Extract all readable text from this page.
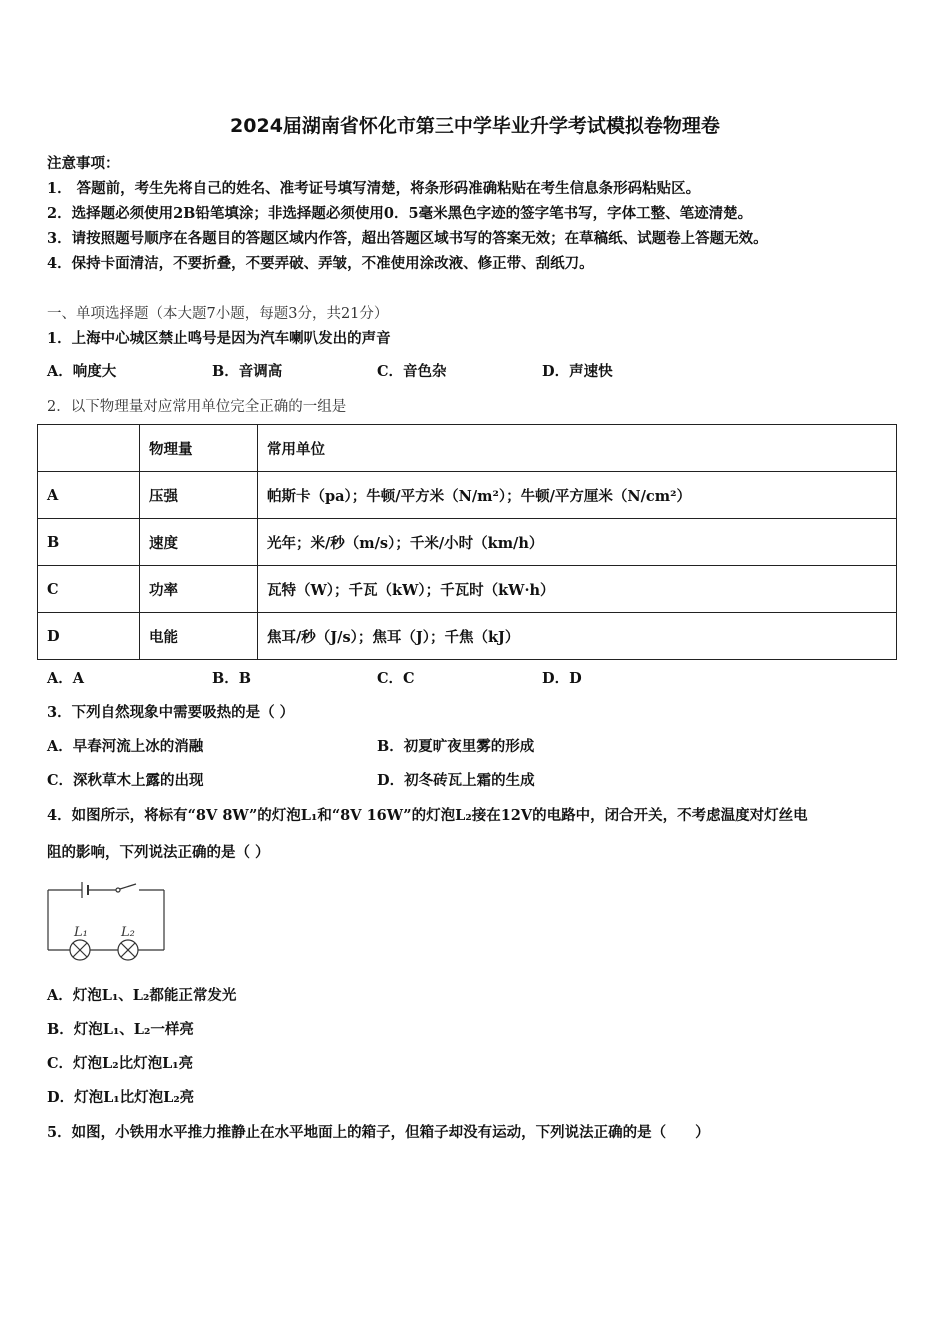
2024届湖南省怀化市第三中学毕业升学考试模拟卷物理卷
注意事项：
1． 答题前，考生先将自己的姓名、准考证号填写清楚，将条形码准确粘贴在考生信息条形码粘贴区。
2．选择题必须使用2B铅笔填涂；非选择题必须使用0．5毫米黑色字迹的签字笔书写，字体工整、笔迹清楚。
3．请按照题号顺序在各题目的答题区域内作答，超出答题区域书写的答案无效；在草稿纸、试题卷上答题无效。
4．保持卡面清洁，不要折叠，不要弄破、弄皱，不准使用涂改液、修正带、刮纸刀。
一、单项选择题（本大题7小题，每题3分，共21分）
1．上海中心城区禁止鸣号是因为汽车喇叭发出的声音
A．响度大	B．音调高	C．音色杂	D．声速快
2．以下物理量对应常用单位完全正确的一组是
	物理量	常用单位
A	压强	帕斯卡（pa）；牛顿/平方米（N/m²）；牛顿/平方厘米（N/cm²）
B	速度	光年；米/秒（m/s）；千米/小时（km/h）
C	功率	瓦特（W）；千瓦（kW）；千瓦时（kW·h）
D	电能	焦耳/秒（J/s）；焦耳（J）；千焦（kJ）
A．A	B．B	C．C	D．D
3．下列自然现象中需要吸热的是（ ）
A．早春河流上冰的消融	B．初夏旷夜里雾的形成
C．深秋草木上露的出现	D．初冬砖瓦上霜的生成
4．如图所示，将标有“8V 8W”的灯泡L₁和“8V 16W”的灯泡L₂接在12V的电路中，闭合开关，不考虑温度对灯丝电
阻的影响，下列说法正确的是（ ）
L₁	L₂
A．灯泡L₁、L₂都能正常发光
B．灯泡L₁、L₂一样亮
C．灯泡L₂比灯泡L₁亮
D．灯泡L₁比灯泡L₂亮
5．如图，小铁用水平推力推静止在水平地面上的箱子，但箱子却没有运动，下列说法正确的是（　　）
